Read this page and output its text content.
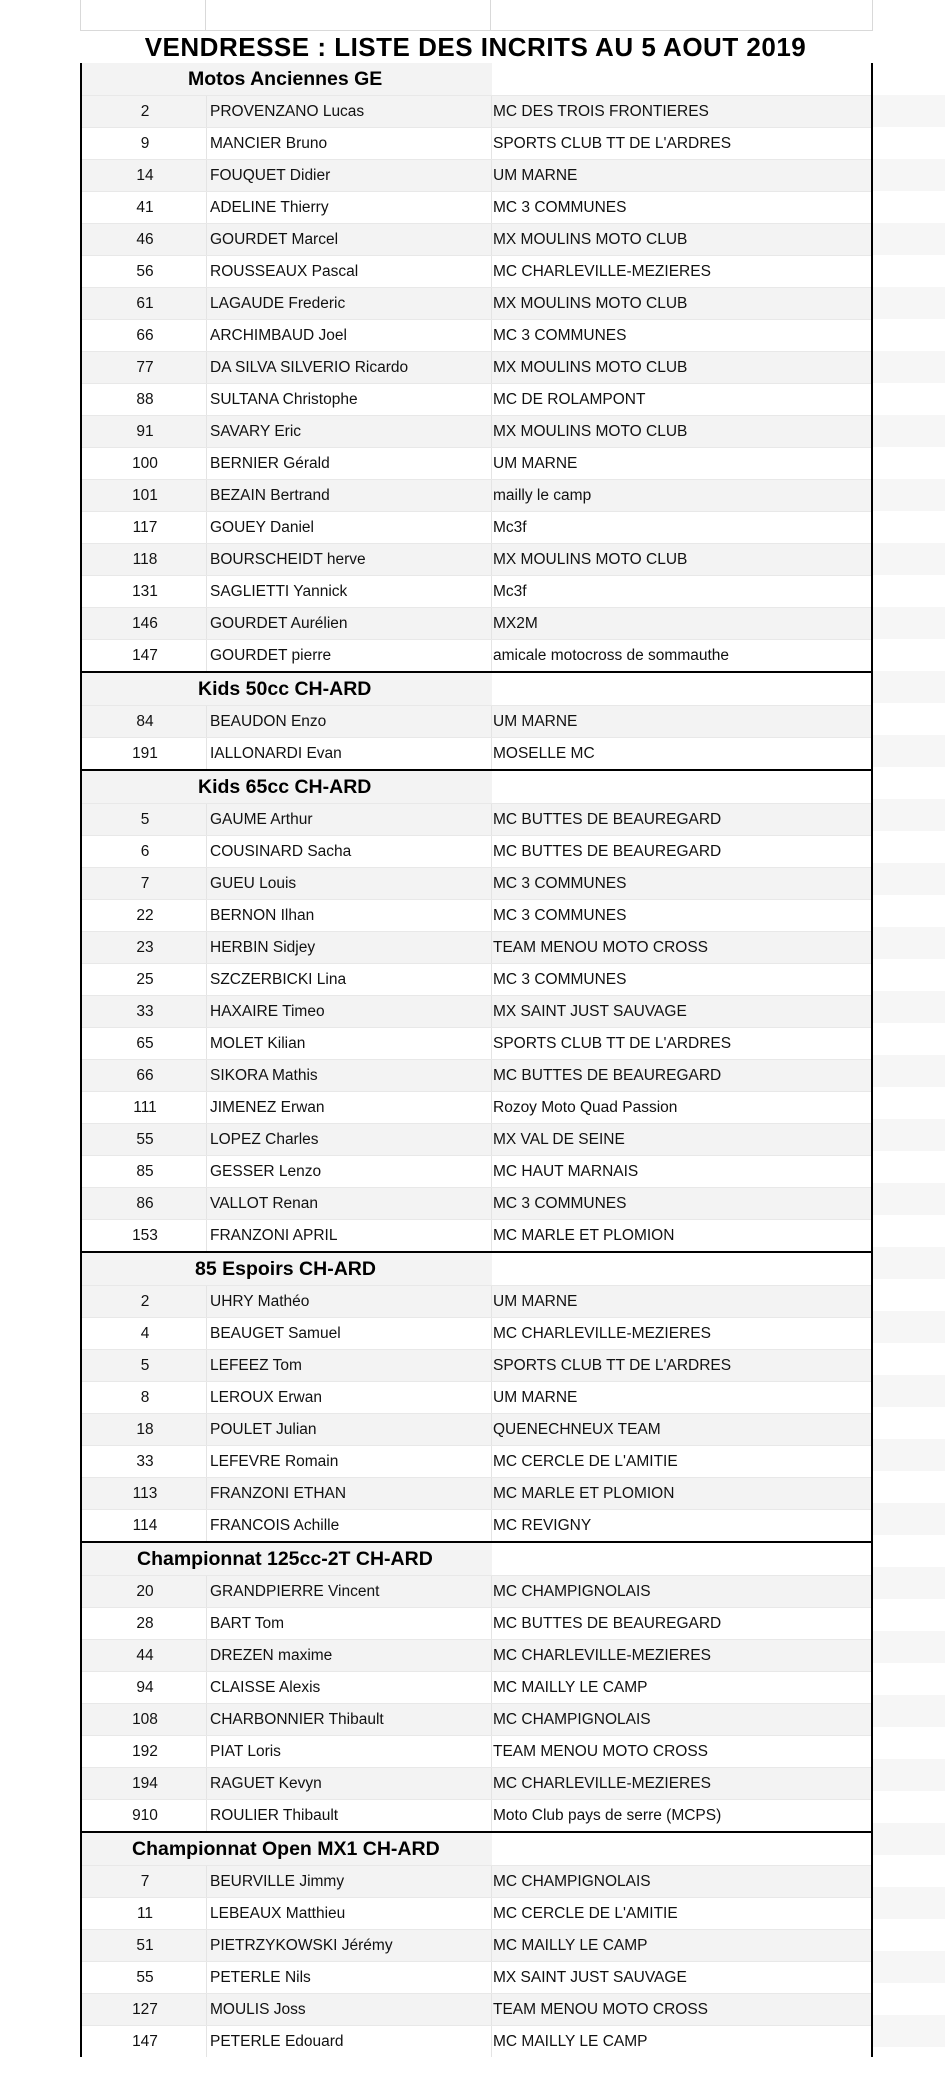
VENDRESSE : LISTE DES INCRITS AU 5 AOUT 2019
Motos Anciennes GE
2	PROVENZANO Lucas	MC DES TROIS FRONTIERES
9	MANCIER Bruno	SPORTS CLUB TT DE L'ARDRES
14	FOUQUET Didier	UM MARNE
41	ADELINE Thierry	MC 3 COMMUNES
46	GOURDET Marcel	MX MOULINS MOTO CLUB
56	ROUSSEAUX Pascal	MC CHARLEVILLE-MEZIERES
61	LAGAUDE Frederic	MX MOULINS MOTO CLUB
66	ARCHIMBAUD Joel	MC 3 COMMUNES
77	DA SILVA SILVERIO Ricardo	MX MOULINS MOTO CLUB
88	SULTANA Christophe	MC DE ROLAMPONT
91	SAVARY Eric	MX MOULINS MOTO CLUB
100	BERNIER Gérald	UM MARNE
101	BEZAIN Bertrand	mailly le camp
117	GOUEY Daniel	Mc3f
118	BOURSCHEIDT herve	MX MOULINS MOTO CLUB
131	SAGLIETTI Yannick	Mc3f
146	GOURDET Aurélien	MX2M
147	GOURDET pierre	amicale motocross de sommauthe
Kids 50cc CH-ARD
84	BEAUDON Enzo	UM MARNE
191	IALLONARDI Evan	MOSELLE MC
Kids 65cc CH-ARD
5	GAUME Arthur	MC BUTTES DE BEAUREGARD
6	COUSINARD Sacha	MC BUTTES DE BEAUREGARD
7	GUEU Louis	MC 3 COMMUNES
22	BERNON Ilhan	MC 3 COMMUNES
23	HERBIN Sidjey	TEAM MENOU MOTO CROSS
25	SZCZERBICKI Lina	MC 3 COMMUNES
33	HAXAIRE Timeo	MX SAINT JUST SAUVAGE
65	MOLET Kilian	SPORTS CLUB TT DE L'ARDRES
66	SIKORA Mathis	MC BUTTES DE BEAUREGARD
111	JIMENEZ Erwan	Rozoy Moto Quad Passion
55	LOPEZ Charles	MX VAL DE SEINE
85	GESSER Lenzo	MC HAUT MARNAIS
86	VALLOT Renan	MC 3 COMMUNES
153	FRANZONI APRIL	MC MARLE ET PLOMION
85 Espoirs CH-ARD
2	UHRY Mathéo	UM MARNE
4	BEAUGET Samuel	MC CHARLEVILLE-MEZIERES
5	LEFEEZ Tom	SPORTS CLUB TT DE L'ARDRES
8	LEROUX Erwan	UM MARNE
18	POULET Julian	QUENECHNEUX TEAM
33	LEFEVRE Romain	MC CERCLE DE L'AMITIE
113	FRANZONI ETHAN	MC MARLE ET PLOMION
114	FRANCOIS Achille	MC REVIGNY
Championnat 125cc-2T CH-ARD
20	GRANDPIERRE Vincent	MC CHAMPIGNOLAIS
28	BART Tom	MC BUTTES DE BEAUREGARD
44	DREZEN maxime	MC CHARLEVILLE-MEZIERES
94	CLAISSE Alexis	MC MAILLY LE CAMP
108	CHARBONNIER Thibault	MC CHAMPIGNOLAIS
192	PIAT Loris	TEAM MENOU MOTO CROSS
194	RAGUET Kevyn	MC CHARLEVILLE-MEZIERES
910	ROULIER Thibault	Moto Club pays de serre (MCPS)
Championnat Open MX1 CH-ARD
7	BEURVILLE Jimmy	MC CHAMPIGNOLAIS
11	LEBEAUX Matthieu	MC CERCLE DE L'AMITIE
51	PIETRZYKOWSKI Jérémy	MC MAILLY LE CAMP
55	PETERLE Nils	MX SAINT JUST SAUVAGE
127	MOULIS Joss	TEAM MENOU MOTO CROSS
147	PETERLE Edouard	MC MAILLY LE CAMP
